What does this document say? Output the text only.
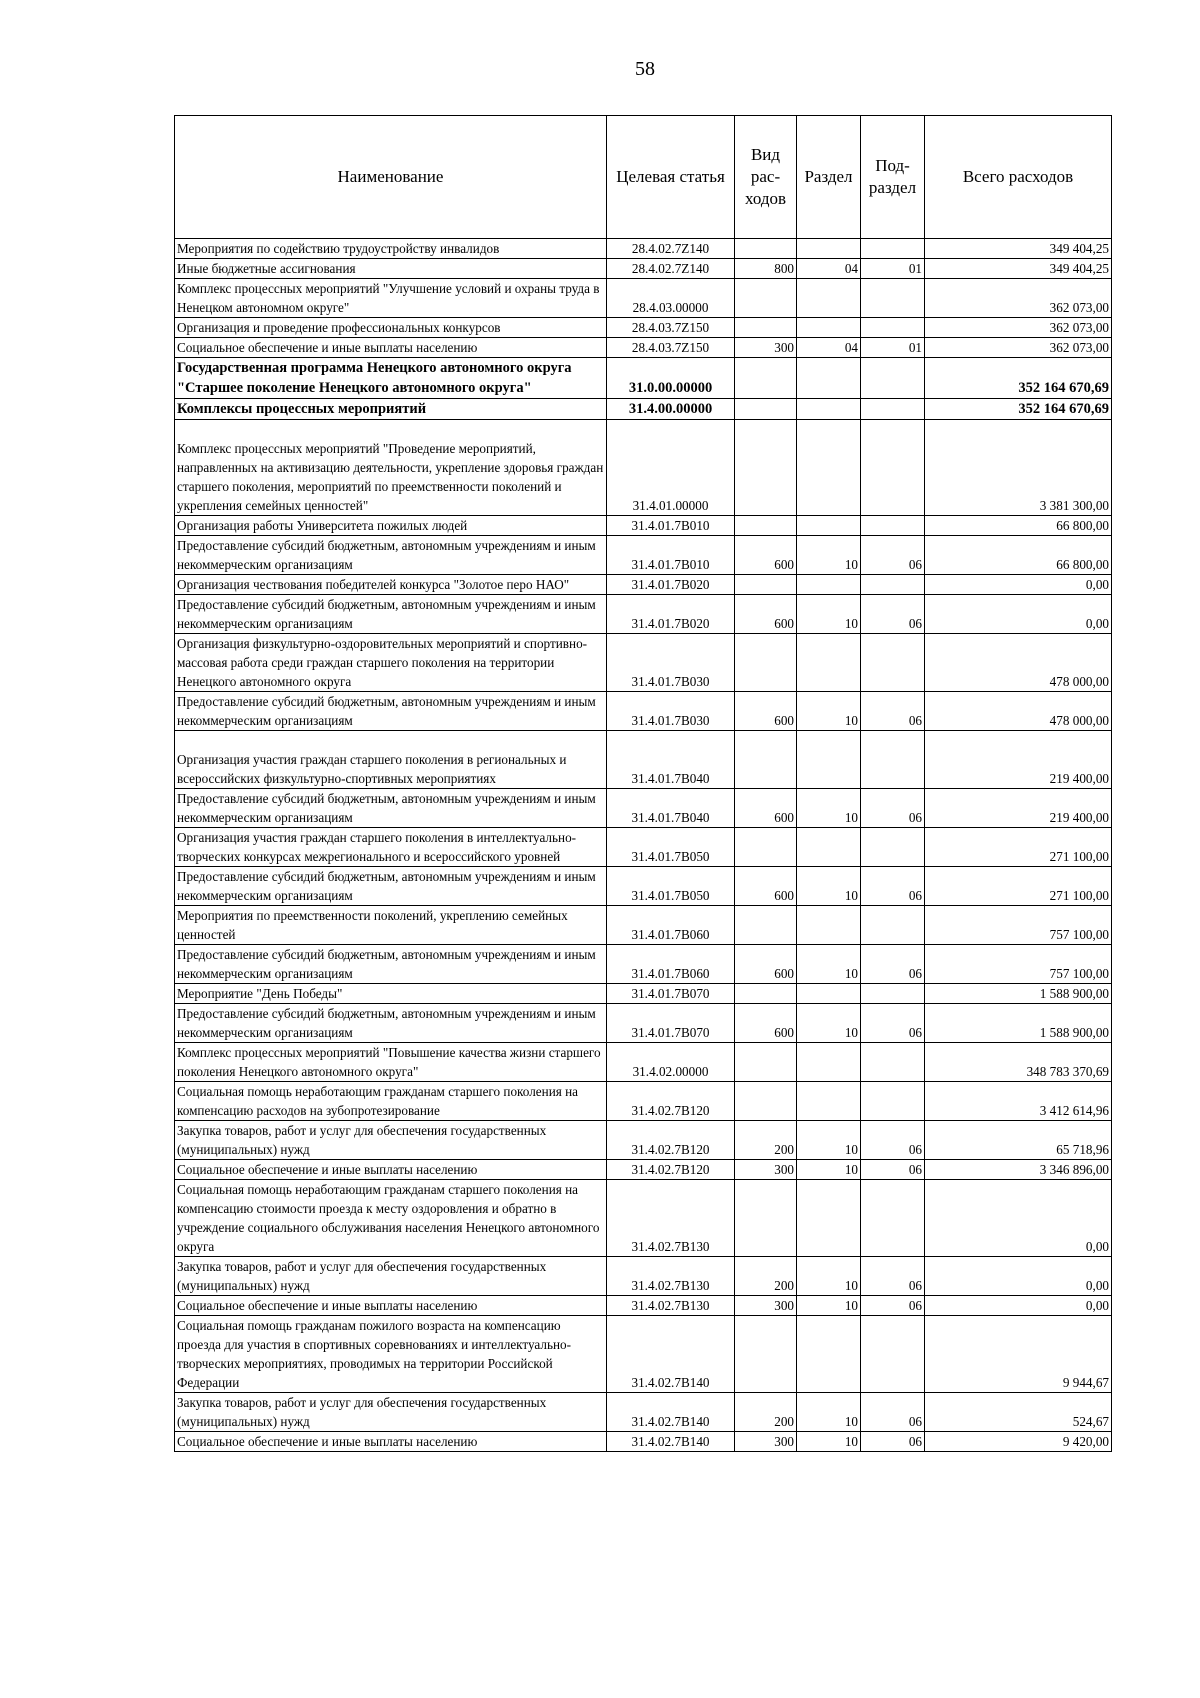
58
Наименование	Целевая статья	Вид рас-ходов	Раздел	Под-раздел	Всего расходов
Мероприятия по содействию трудоустройству инвалидов	28.4.02.7Z140				349 404,25
Иные бюджетные ассигнования	28.4.02.7Z140	800	04	01	349 404,25
Комплекс процессных мероприятий "Улучшение условий и охраны труда в Ненецком автономном округе"	28.4.03.00000				362 073,00
Организация и проведение профессиональных конкурсов	28.4.03.7Z150				362 073,00
Социальное обеспечение и иные выплаты населению	28.4.03.7Z150	300	04	01	362 073,00
Государственная программа Ненецкого автономного округа "Старшее поколение Ненецкого автономного округа"	31.0.00.00000				352 164 670,69
Комплексы процессных мероприятий	31.4.00.00000				352 164 670,69
Комплекс процессных мероприятий "Проведение мероприятий, направленных на активизацию деятельности, укрепление здоровья граждан старшего поколения, мероприятий по преемственности поколений и укрепления семейных ценностей"	31.4.01.00000				3 381 300,00
Организация работы Университета пожилых людей	31.4.01.7В010				66 800,00
Предоставление субсидий бюджетным, автономным учреждениям и иным некоммерческим организациям	31.4.01.7В010	600	10	06	66 800,00
Организация чествования победителей конкурса "Золотое перо НАО"	31.4.01.7В020				0,00
Предоставление субсидий бюджетным, автономным учреждениям и иным некоммерческим организациям	31.4.01.7В020	600	10	06	0,00
Организация физкультурно-оздоровительных мероприятий и спортивно-массовая работа среди граждан старшего поколения на территории Ненецкого автономного округа	31.4.01.7В030				478 000,00
Предоставление субсидий бюджетным, автономным учреждениям и иным некоммерческим организациям	31.4.01.7В030	600	10	06	478 000,00
Организация участия граждан старшего поколения в региональных и всероссийских физкультурно-спортивных мероприятиях	31.4.01.7В040				219 400,00
Предоставление субсидий бюджетным, автономным учреждениям и иным некоммерческим организациям	31.4.01.7В040	600	10	06	219 400,00
Организация участия граждан старшего поколения в интеллектуально-творческих конкурсах межрегионального и всероссийского уровней	31.4.01.7В050				271 100,00
Предоставление субсидий бюджетным, автономным учреждениям и иным некоммерческим организациям	31.4.01.7В050	600	10	06	271 100,00
Мероприятия по преемственности поколений, укреплению семейных ценностей	31.4.01.7В060				757 100,00
Предоставление субсидий бюджетным, автономным учреждениям и иным некоммерческим организациям	31.4.01.7В060	600	10	06	757 100,00
Мероприятие "День Победы"	31.4.01.7В070				1 588 900,00
Предоставление субсидий бюджетным, автономным учреждениям и иным некоммерческим организациям	31.4.01.7В070	600	10	06	1 588 900,00
Комплекс процессных мероприятий "Повышение качества жизни старшего поколения Ненецкого автономного округа"	31.4.02.00000				348 783 370,69
Социальная помощь неработающим гражданам старшего поколения на компенсацию расходов на зубопротезирование	31.4.02.7В120				3 412 614,96
Закупка товаров, работ и услуг для обеспечения государственных (муниципальных) нужд	31.4.02.7В120	200	10	06	65 718,96
Социальное обеспечение и иные выплаты населению	31.4.02.7В120	300	10	06	3 346 896,00
Социальная помощь неработающим гражданам старшего поколения на компенсацию стоимости проезда к месту оздоровления и обратно в учреждение социального обслуживания населения Ненецкого автономного округа	31.4.02.7В130				0,00
Закупка товаров, работ и услуг для обеспечения государственных (муниципальных) нужд	31.4.02.7В130	200	10	06	0,00
Социальное обеспечение и иные выплаты населению	31.4.02.7В130	300	10	06	0,00
Социальная помощь гражданам пожилого возраста на компенсацию проезда для участия в спортивных соревнованиях и интеллектуально-творческих мероприятиях, проводимых на территории Российской Федерации	31.4.02.7В140				9 944,67
Закупка товаров, работ и услуг для обеспечения государственных (муниципальных) нужд	31.4.02.7В140	200	10	06	524,67
Социальное обеспечение и иные выплаты населению	31.4.02.7В140	300	10	06	9 420,00
